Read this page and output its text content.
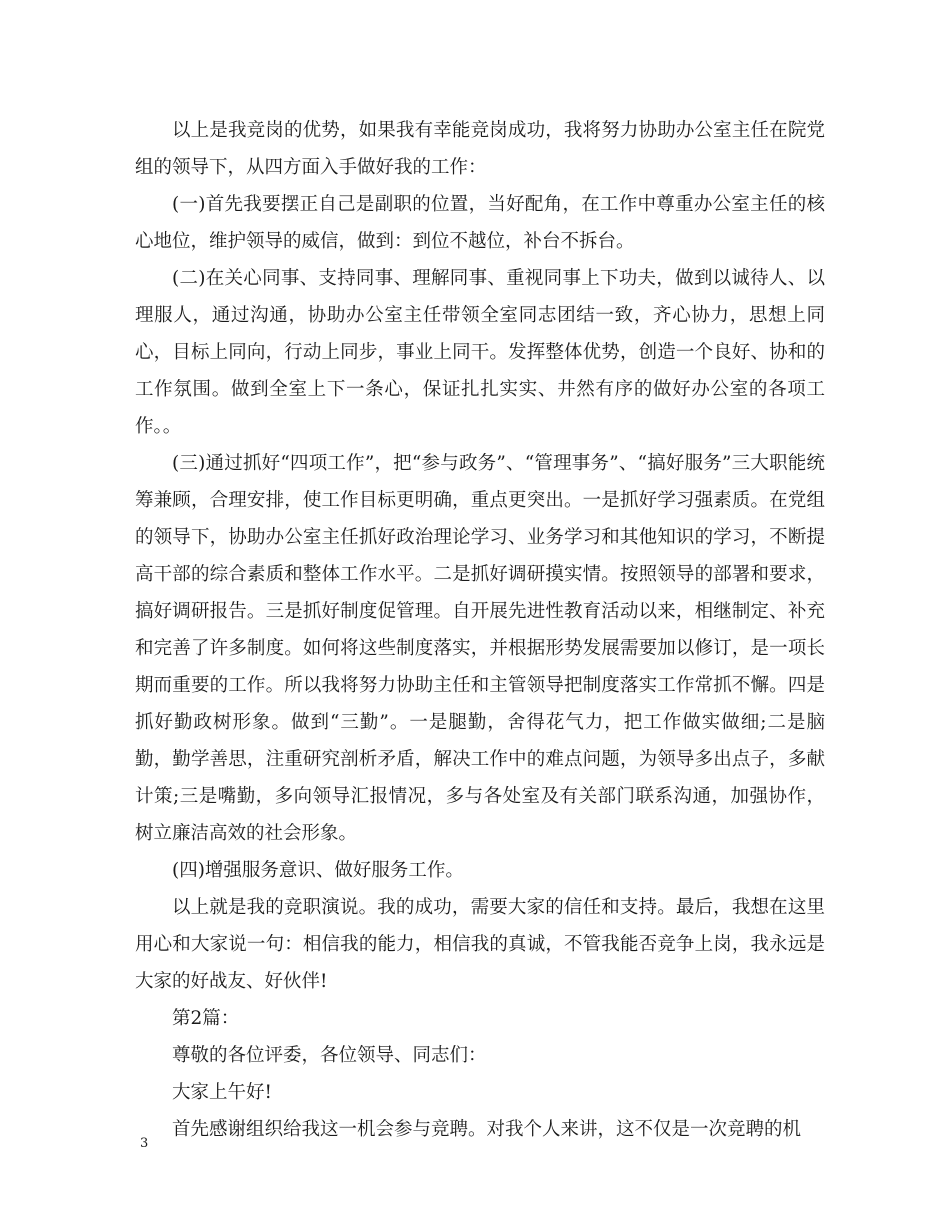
以上是我竞岗的优势，如果我有幸能竞岗成功，我将努力协助办公室主任在院党组的领导下，从四方面入手做好我的工作：

(一)首先我要摆正自己是副职的位置，当好配角，在工作中尊重办公室主任的核心地位，维护领导的威信，做到：到位不越位，补台不拆台。

(二)在关心同事、支持同事、理解同事、重视同事上下功夫，做到以诚待人、以理服人，通过沟通，协助办公室主任带领全室同志团结一致，齐心协力，思想上同心，目标上同向，行动上同步，事业上同干。发挥整体优势，创造一个良好、协和的工作氛围。做到全室上下一条心，保证扎扎实实、井然有序的做好办公室的各项工作。。

(三)通过抓好“四项工作”，把“参与政务”、“管理事务”、“搞好服务”三大职能统筹兼顾，合理安排，使工作目标更明确，重点更突出。一是抓好学习强素质。在党组的领导下，协助办公室主任抓好政治理论学习、业务学习和其他知识的学习，不断提高干部的综合素质和整体工作水平。二是抓好调研摸实情。按照领导的部署和要求，搞好调研报告。三是抓好制度促管理。自开展先进性教育活动以来，相继制定、补充和完善了许多制度。如何将这些制度落实，并根据形势发展需要加以修订，是一项长期而重要的工作。所以我将努力协助主任和主管领导把制度落实工作常抓不懈。四是抓好勤政树形象。做到“三勤”。一是腿勤，舍得花气力，把工作做实做细;二是脑勤，勤学善思，注重研究剖析矛盾，解决工作中的难点问题，为领导多出点子，多献计策;三是嘴勤，多向领导汇报情况，多与各处室及有关部门联系沟通，加强协作，树立廉洁高效的社会形象。

(四)增强服务意识、做好服务工作。

以上就是我的竞职演说。我的成功，需要大家的信任和支持。最后，我想在这里用心和大家说一句：相信我的能力，相信我的真诚，不管我能否竞争上岗，我永远是大家的好战友、好伙伴!

第2篇：

尊敬的各位评委，各位领导、同志们：

大家上午好!

首先感谢组织给我这一机会参与竞聘。对我个人来讲，这不仅是一次竞聘的机

3
